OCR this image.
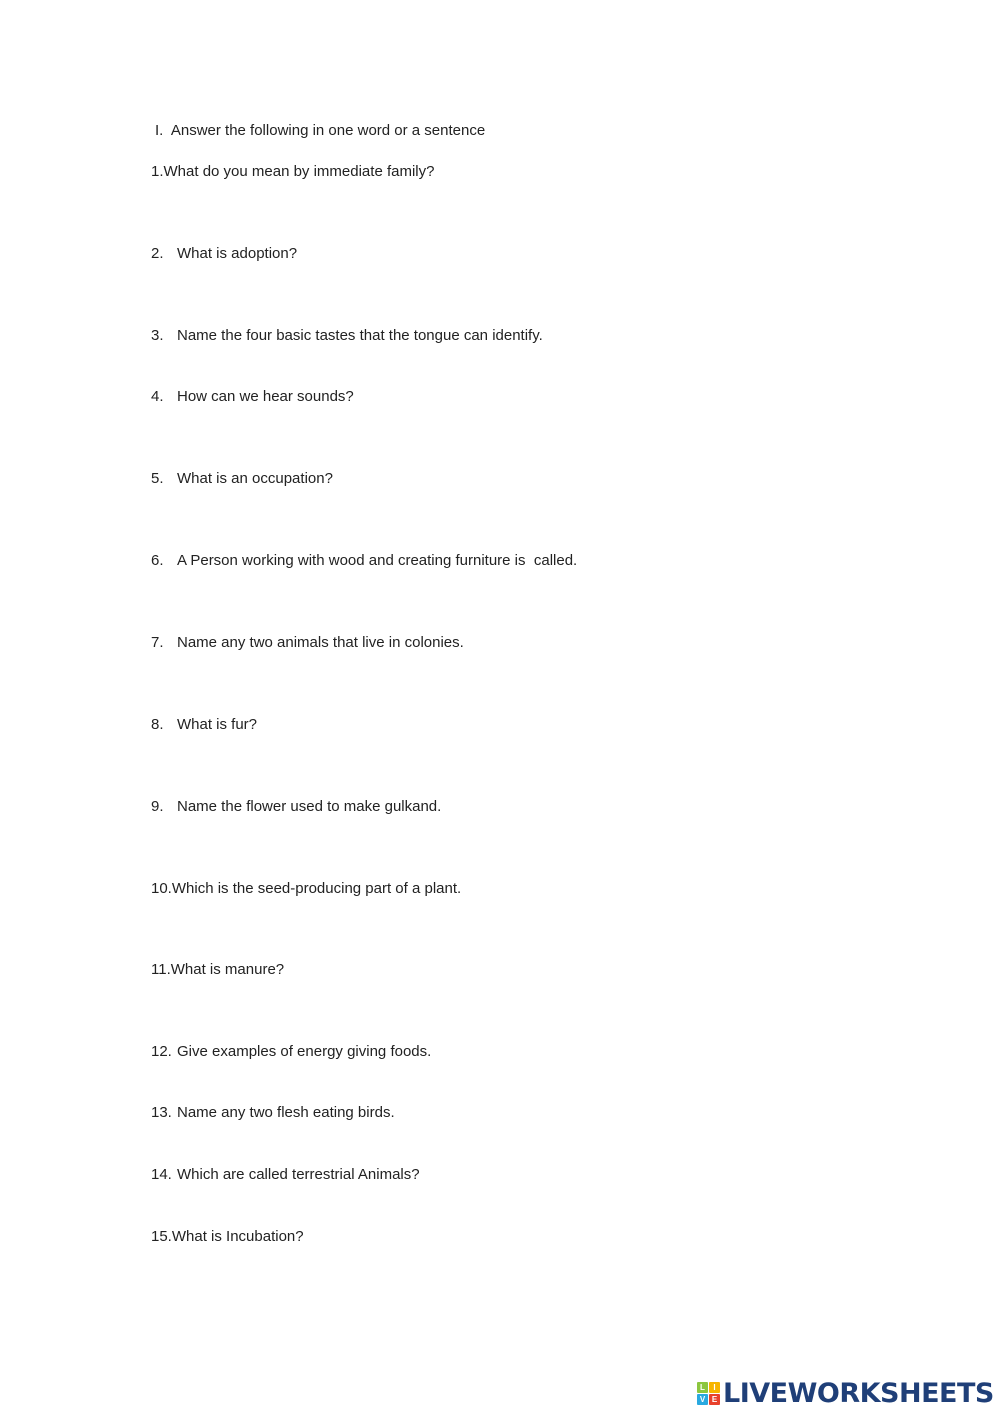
I.  Answer the following in one word or a sentence
1.What do you mean by immediate family?
2. What is adoption?
3. Name the four basic tastes that the tongue can identify.
4. How can we hear sounds?
5. What is an occupation?
6. A Person working with wood and creating furniture is  called.
7. Name any two animals that live in colonies.
8. What is fur?
9. Name the flower used to make gulkand.
10.Which is the seed-producing part of a plant.
11.What is manure?
12. Give examples of energy giving foods.
13. Name any two flesh eating birds.
14. Which are called terrestrial Animals?
15.What is Incubation?
L	I
V E LIVEWORKSHEETS
